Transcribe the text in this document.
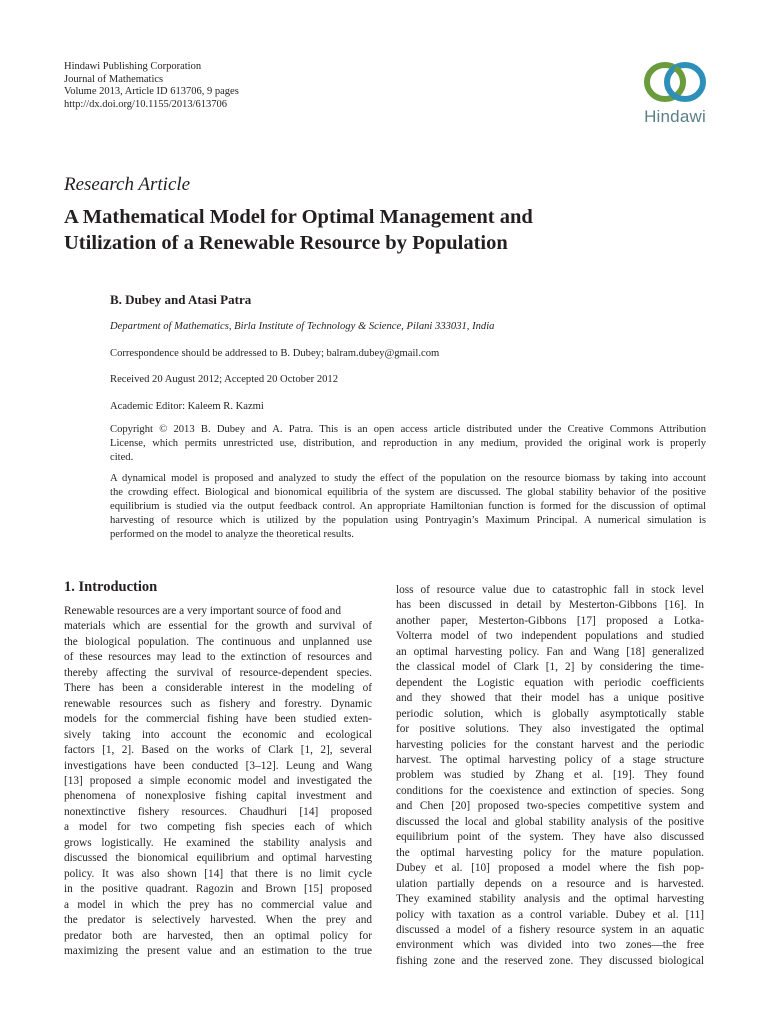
Hindawi Publishing Corporation
Journal of Mathematics
Volume 2013, Article ID 613706, 9 pages
http://dx.doi.org/10.1155/2013/613706
Hindawi
Research Article
A Mathematical Model for Optimal Management and
Utilization of a Renewable Resource by Population
B. Dubey and Atasi Patra
Department of Mathematics, Birla Institute of Technology & Science, Pilani 333031, India
Correspondence should be addressed to B. Dubey; balram.dubey@gmail.com
Received 20 August 2012; Accepted 20 October 2012
Academic Editor: Kaleem R. Kazmi
Copyright © 2013 B. Dubey and A. Patra. This is an open access article distributed under the Creative Commons Attribution
License, which permits unrestricted use, distribution, and reproduction in any medium, provided the original work is properly
cited.
A dynamical model is proposed and analyzed to study the effect of the population on the resource biomass by taking into account
the crowding effect. Biological and bionomical equilibria of the system are discussed. The global stability behavior of the positive
equilibrium is studied via the output feedback control. An appropriate Hamiltonian function is formed for the discussion of optimal
harvesting of resource which is utilized by the population using Pontryagin’s Maximum Principal. A numerical simulation is
performed on the model to analyze the theoretical results.
1. Introduction
Renewable resources are a very important source of food and
materials which are essential for the growth and survival of
the biological population. The continuous and unplanned use
of these resources may lead to the extinction of resources and
thereby affecting the survival of resource-dependent species.
There has been a considerable interest in the modeling of
renewable resources such as fishery and forestry. Dynamic
models for the commercial fishing have been studied exten-
sively taking into account the economic and ecological
factors [1, 2]. Based on the works of Clark [1, 2], several
investigations have been conducted [3–12]. Leung and Wang
[13] proposed a simple economic model and investigated the
phenomena of nonexplosive fishing capital investment and
nonextinctive fishery resources. Chaudhuri [14] proposed
a model for two competing fish species each of which
grows logistically. He examined the stability analysis and
discussed the bionomical equilibrium and optimal harvesting
policy. It was also shown [14] that there is no limit cycle
in the positive quadrant. Ragozin and Brown [15] proposed
a model in which the prey has no commercial value and
the predator is selectively harvested. When the prey and
predator both are harvested, then an optimal policy for
maximizing the present value and an estimation to the true
loss of resource value due to catastrophic fall in stock level
has been discussed in detail by Mesterton-Gibbons [16]. In
another paper, Mesterton-Gibbons [17] proposed a Lotka-
Volterra model of two independent populations and studied
an optimal harvesting policy. Fan and Wang [18] generalized
the classical model of Clark [1, 2] by considering the time-
dependent the Logistic equation with periodic coefficients
and they showed that their model has a unique positive
periodic solution, which is globally asymptotically stable
for positive solutions. They also investigated the optimal
harvesting policies for the constant harvest and the periodic
harvest. The optimal harvesting policy of a stage structure
problem was studied by Zhang et al. [19]. They found
conditions for the coexistence and extinction of species. Song
and Chen [20] proposed two-species competitive system and
discussed the local and global stability analysis of the positive
equilibrium point of the system. They have also discussed
the optimal harvesting policy for the mature population.
Dubey et al. [10] proposed a model where the fish pop-
ulation partially depends on a resource and is harvested.
They examined stability analysis and the optimal harvesting
policy with taxation as a control variable. Dubey et al. [11]
discussed a model of a fishery resource system in an aquatic
environment which was divided into two zones—the free
fishing zone and the reserved zone. They discussed biological
